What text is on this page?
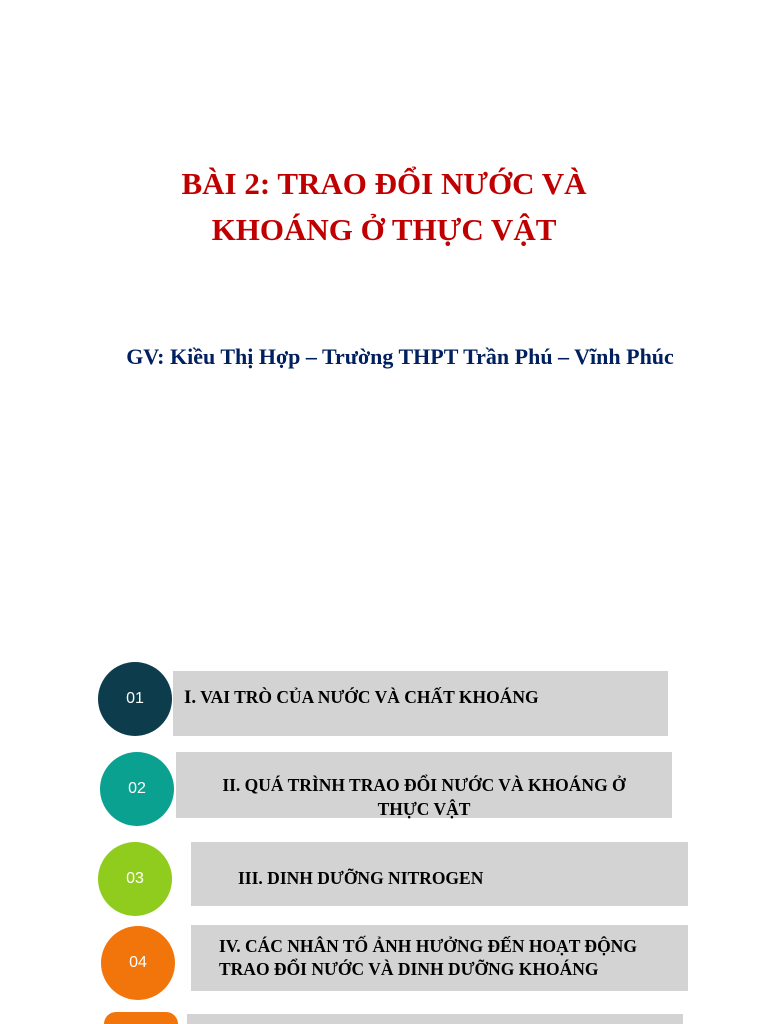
BÀI 2: TRAO ĐỔI NƯỚC VÀ
KHOÁNG Ở THỰC VẬT
GV: Kiều Thị Hợp – Trường THPT Trần Phú – Vĩnh Phúc
I. VAI TRÒ CỦA NƯỚC VÀ CHẤT KHOÁNG
01
II. QUÁ TRÌNH TRAO ĐỔI NƯỚC VÀ KHOÁNG Ở
THỰC VẬT
02
III. DINH DƯỠNG NITROGEN
03
IV. CÁC NHÂN TỐ ẢNH HƯỞNG ĐẾN HOẠT ĐỘNG
TRAO ĐỔI NƯỚC VÀ DINH DƯỠNG KHOÁNG
04
